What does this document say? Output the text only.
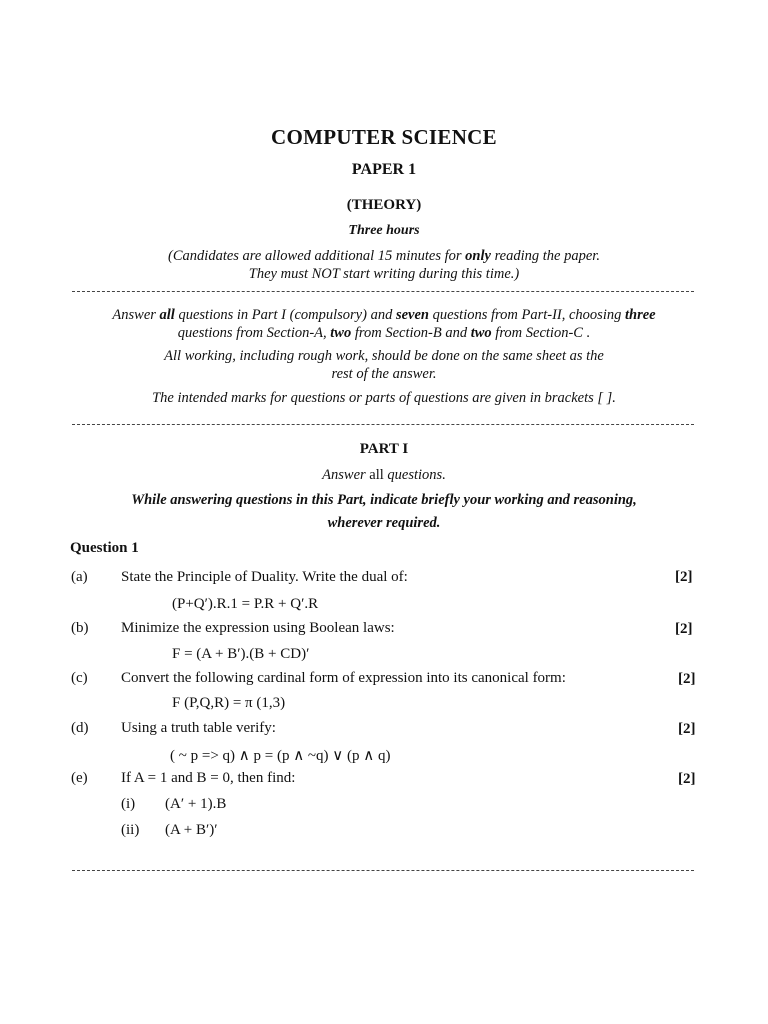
COMPUTER SCIENCE
PAPER 1
(THEORY)
Three hours
(Candidates are allowed additional 15 minutes for only reading the paper.
They must NOT start writing during this time.)
Answer all questions in Part I (compulsory) and seven questions from Part-II, choosing three
questions from Section-A, two from Section-B and two from Section-C .
All working, including rough work, should be done on the same sheet as the
rest of the answer.
The intended marks for questions or parts of questions are given in brackets [ ].
PART I
Answer all questions.
While answering questions in this Part, indicate briefly your working and reasoning,
wherever required.
Question 1
(a) State the Principle of Duality. Write the dual of:	[2]
(P+Q′).R.1 = P.R + Q′.R
(b) Minimize the expression using Boolean laws:	[2]
F = (A + B′).(B + CD)′
(c) Convert the following cardinal form of expression into its canonical form:	[2]
F (P,Q,R) = π (1,3)
(d) Using a truth table verify:	[2]
( ~ p => q) ∧ p = (p ∧ ~q) ∨ (p ∧ q)
(e) If A = 1 and B = 0, then find:	[2]
(i) (A′ + 1).B
(ii) (A + B′)′
